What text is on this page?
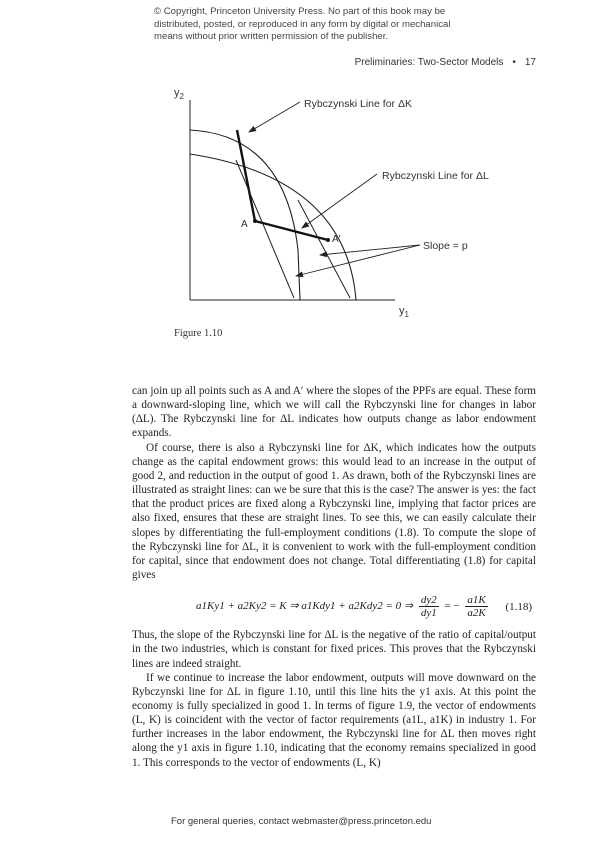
© Copyright, Princeton University Press. No part of this book may be
distributed, posted, or reproduced in any form by digital or mechanical
means without prior written permission of the publisher.
Preliminaries: Two-Sector Models • 17
$y_2$
$y_1$
A
A′
Rybczynski Line for ΔK
Rybczynski Line for ΔL
Slope = p
Figure 1.10

can join up all points such as A and A′ where the slopes of the PPFs are equal. These form a downward-sloping line, which we will call the Rybczynski line for changes in labor (ΔL). The Rybczynski line for ΔL indicates how outputs change as labor endowment expands.

Of course, there is also a Rybczynski line for ΔK, which indicates how the outputs change as the capital endowment grows: this would lead to an increase in the output of good 2, and reduction in the output of good 1. As drawn, both of the Rybczynski lines are illustrated as straight lines: can we be sure that this is the case? The answer is yes: the fact that the product prices are fixed along a Rybczynski line, implying that factor prices are also fixed, ensures that these are straight lines. To see this, we can easily calculate their slopes by differentiating the full-employment conditions (1.8). To compute the slope of the Rybczynski line for ΔL, it is convenient to work with the full-employment condition for capital, since that endowment does not change. Total differentiating (1.8) for capital gives

a1Ky1 + a2Ky2 = K ⇒ a1Kdy1 + a2Kdy2 = 0 ⇒ $\frac{dy2}{dy1}$ = − $\frac{a1K}{a2K} (1.18)$

Thus, the slope of the Rybczynski line for ΔL is the negative of the ratio of capital/output in the two industries, which is constant for fixed prices. This proves that the Rybczynski lines are indeed straight.

If we continue to increase the labor endowment, outputs will move downward on the Rybczynski line for ΔL in figure 1.10, until this line hits the y1 axis. At this point the economy is fully specialized in good 1. In terms of figure 1.9, the vector of endowments (L, K) is coincident with the vector of factor requirements (a1L, a1K) in industry 1. For further increases in the labor endowment, the Rybczynski line for ΔL then moves right along the y1 axis in figure 1.10, indicating that the economy remains specialized in good 1. This corresponds to the vector of endowments (L, K)

For general queries, contact webmaster@press.princeton.edu
